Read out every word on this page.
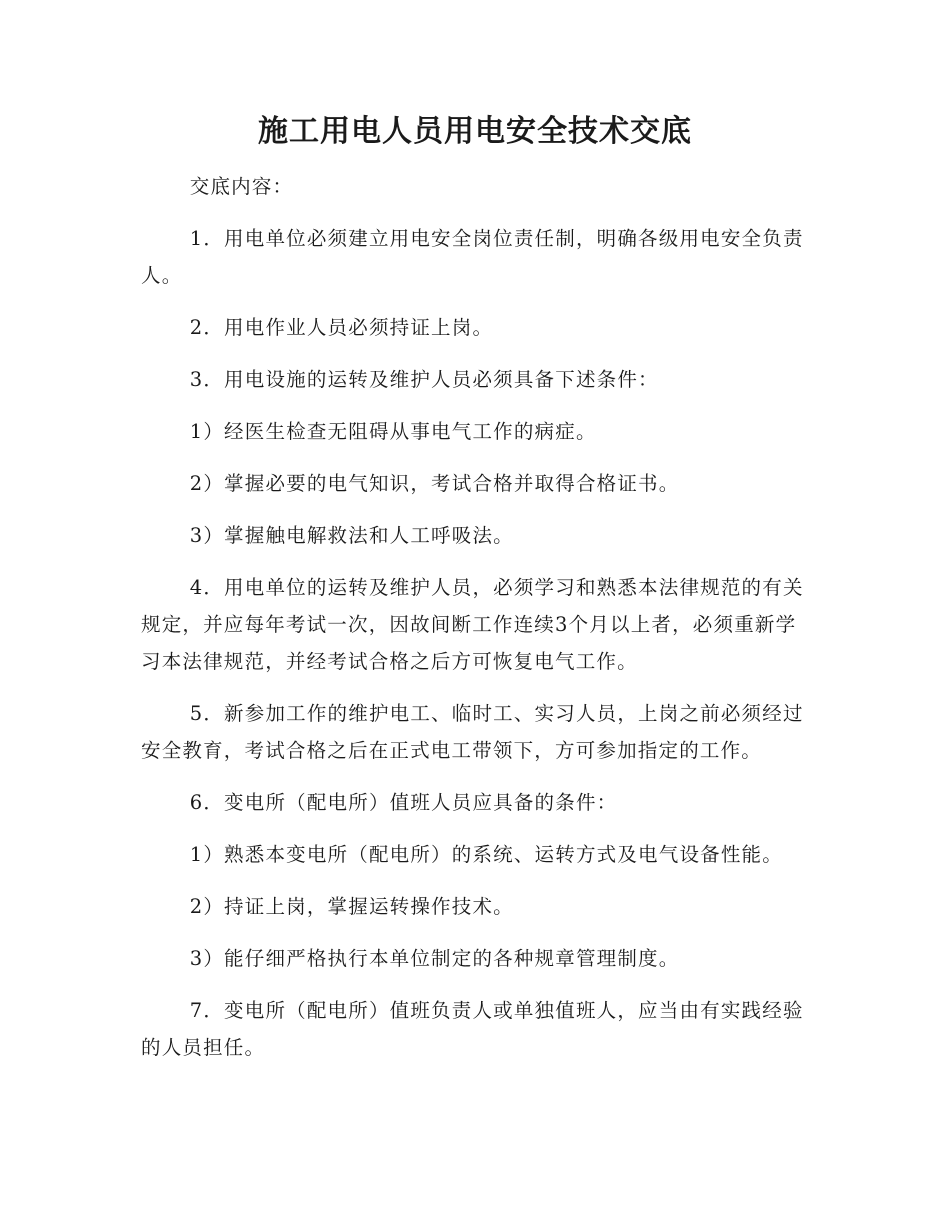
施工用电人员用电安全技术交底

交底内容：

1．用电单位必须建立用电安全岗位责任制，明确各级用电安全负责人。

2．用电作业人员必须持证上岗。

3．用电设施的运转及维护人员必须具备下述条件：

1）经医生检查无阻碍从事电气工作的病症。

2）掌握必要的电气知识，考试合格并取得合格证书。

3）掌握触电解救法和人工呼吸法。

4．用电单位的运转及维护人员，必须学习和熟悉本法律规范的有关规定，并应每年考试一次，因故间断工作连续3个月以上者，必须重新学习本法律规范，并经考试合格之后方可恢复电气工作。

5．新参加工作的维护电工、临时工、实习人员，上岗之前必须经过安全教育，考试合格之后在正式电工带领下，方可参加指定的工作。

6．变电所（配电所）值班人员应具备的条件：

1）熟悉本变电所（配电所）的系统、运转方式及电气设备性能。

2）持证上岗，掌握运转操作技术。

3）能仔细严格执行本单位制定的各种规章管理制度。

7．变电所（配电所）值班负责人或单独值班人，应当由有实践经验的人员担任。
